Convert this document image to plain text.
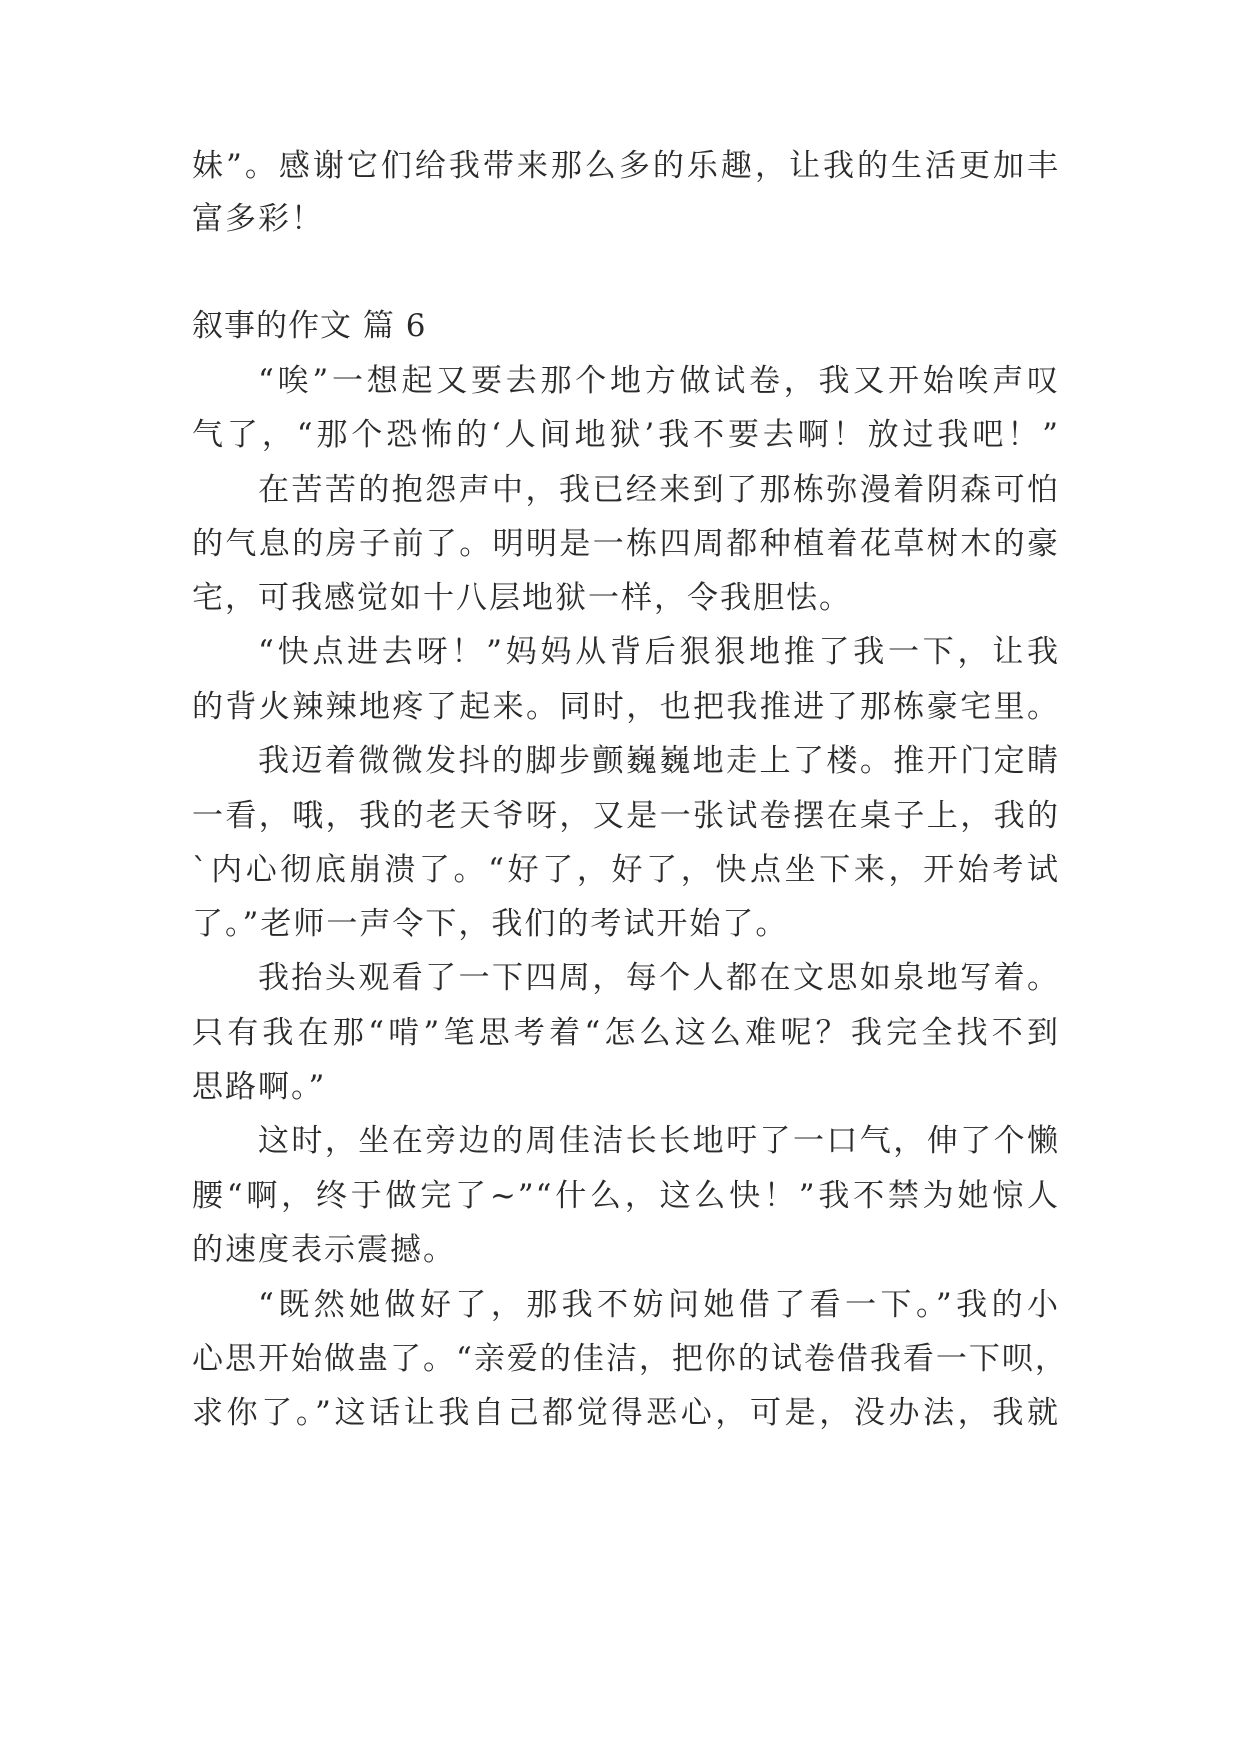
妹”。感谢它们给我带来那么多的乐趣，让我的生活更加丰
富多彩！
叙事的作文 篇 6
“唉”一想起又要去那个地方做试卷，我又开始唉声叹
气了，“那个恐怖的‘人间地狱’我不要去啊！放过我吧！”
在苦苦的抱怨声中，我已经来到了那栋弥漫着阴森可怕
的气息的房子前了。明明是一栋四周都种植着花草树木的豪
宅，可我感觉如十八层地狱一样，令我胆怯。
“快点进去呀！”妈妈从背后狠狠地推了我一下，让我
的背火辣辣地疼了起来。同时，也把我推进了那栋豪宅里。
我迈着微微发抖的脚步颤巍巍地走上了楼。推开门定睛
一看，哦，我的老天爷呀，又是一张试卷摆在桌子上，我的
`内心彻底崩溃了。“好了，好了，快点坐下来，开始考试
了。”老师一声令下，我们的考试开始了。
我抬头观看了一下四周，每个人都在文思如泉地写着。
只有我在那“啃”笔思考着“怎么这么难呢？我完全找不到
思路啊。”
这时，坐在旁边的周佳洁长长地吁了一口气，伸了个懒
腰“啊，终于做完了~”“什么，这么快！”我不禁为她惊人
的速度表示震撼。
“既然她做好了，那我不妨问她借了看一下。”我的小
心思开始做蛊了。“亲爱的佳洁，把你的试卷借我看一下呗，
求你了。”这话让我自己都觉得恶心，可是，没办法，我就
